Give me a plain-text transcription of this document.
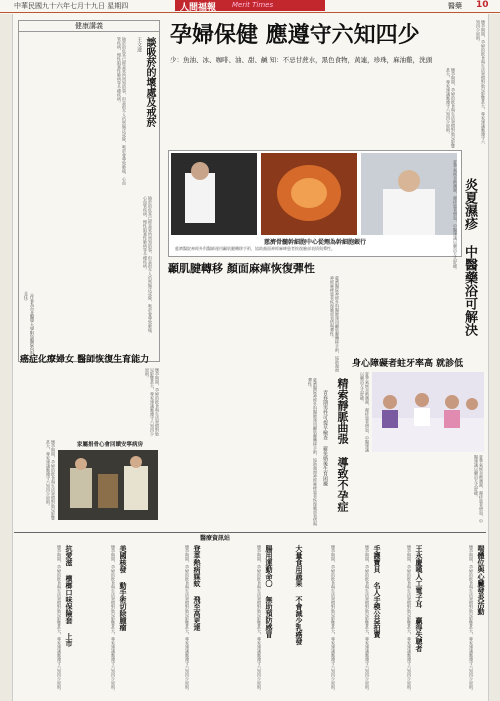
中華民國九十六年七月十九日 星期四	人間福報 Merit Times	醫藥 10
健康講義
談吸菸的壞處及戒菸
王文達
抽菸的危害已經是眾所周知的事，但是很多人仍然無法戒除，吸菸會導致肺癌、心血管疾病、慢性阻塞性肺病等多種疾病。
抽菸的危害已經是眾所周知的事，但是很多人仍然無法戒除，吸菸會導致肺癌、心血管疾病、慢性阻塞性肺病等多種疾病。
（作者為台北醫學大學附設醫院內科主任）
孕婦保健 應遵守六知四少
少：魚油、冰、咖啡、油、甜、鹹 知：不忌甘蔗水，黑色食物，黃連，珍珠，麻油雞，洗頭
懷孕期間，孕婦的飲食與生活習慣對胎兒影響甚大，專家建議應遵守六知四少原則。	懷孕期間，孕婦的飲食與生活習慣對胎兒影響甚大，專家建議應遵守六知四少原則。
慈濟骨髓幹細胞中心從劑為幹細胞銀行
慈濟醫院神經外科醫師運用顳肌腱轉移手術，協助顏面神經麻痺患者恢復臉部表情與彈性。
顳肌腱轉移 顏面麻痺恢復彈性
慈濟醫院神經外科醫師運用顳肌腱轉移手術，協助顏面神經麻痺患者恢復臉部表情與彈性。	炎夏濕疹 中醫藥浴可解決
夏季氣候炎熱潮濕，濕疹患者增加，中醫建議以藥浴方式舒緩。
身心障礙者蛀牙率高 就診低
夏季氣候炎熱潮濕，濕疹患者增加，中醫建議以藥浴方式舒緩。
夏季氣候炎熱潮濕，濕疹患者增加，中醫建議以藥浴方式舒緩。
精索靜脈曲張 導致不孕症
青春期男性可提早檢查 避免婚後生育困擾
慈濟醫院神經外科醫師運用顳肌腱轉移手術，協助顏面神經麻痺患者恢復臉部表情與彈性。
癌症化療婦女 醫師恢復生育能力
懷孕期間，孕婦的飲食與生活習慣對胎兒影響甚大，專家建議應遵守六知四少原則。
家屬捐骨心會回饋安寧病房
懷孕期間，孕婦的飲食與生活習慣對胎兒影響甚大，專家建議應遵守六知四少原則。
醫療資訊站
喘體位與心臟發炎活動
懷孕期間，孕婦的飲食與生活習慣對胎兒影響甚大，專家建議應遵守六知四少原則。
王永慶嘆人工電子耳 贏得失聰者
懷孕期間，孕婦的飲食與生活習慣對胎兒影響甚大，專家建議應遵守六知四少原則。
手護寶貝 名人手模公益拍賣
懷孕期間，孕婦的飲食與生活習慣對胎兒影響甚大，專家建議應遵守六知四少原則。
大量食用蔬果 不會減少乳癌發	懷孕期間，孕婦的飲食與生活習慣對胎兒影響甚大，專家建議應遵守六知四少原則。
腸用運動命〇 無助預防感冒
懷孕期間，孕婦的飲食與生活習慣對胎兒影響甚大，專家建議應遵守六知四少原則。
登革熱病媒蚊 飛至高更達
懷孕期間，孕婦的飲食與生活習慣對胎兒影響甚大，專家建議應遵守六知四少原則。
美國核發 動手術切除腫瘤
懷孕期間，孕婦的飲食與生活習慣對胎兒影響甚大，專家建議應遵守六知四少原則。
抗愛滋 檳榔口味保險套 上市
懷孕期間，孕婦的飲食與生活習慣對胎兒影響甚大，專家建議應遵守六知四少原則。
